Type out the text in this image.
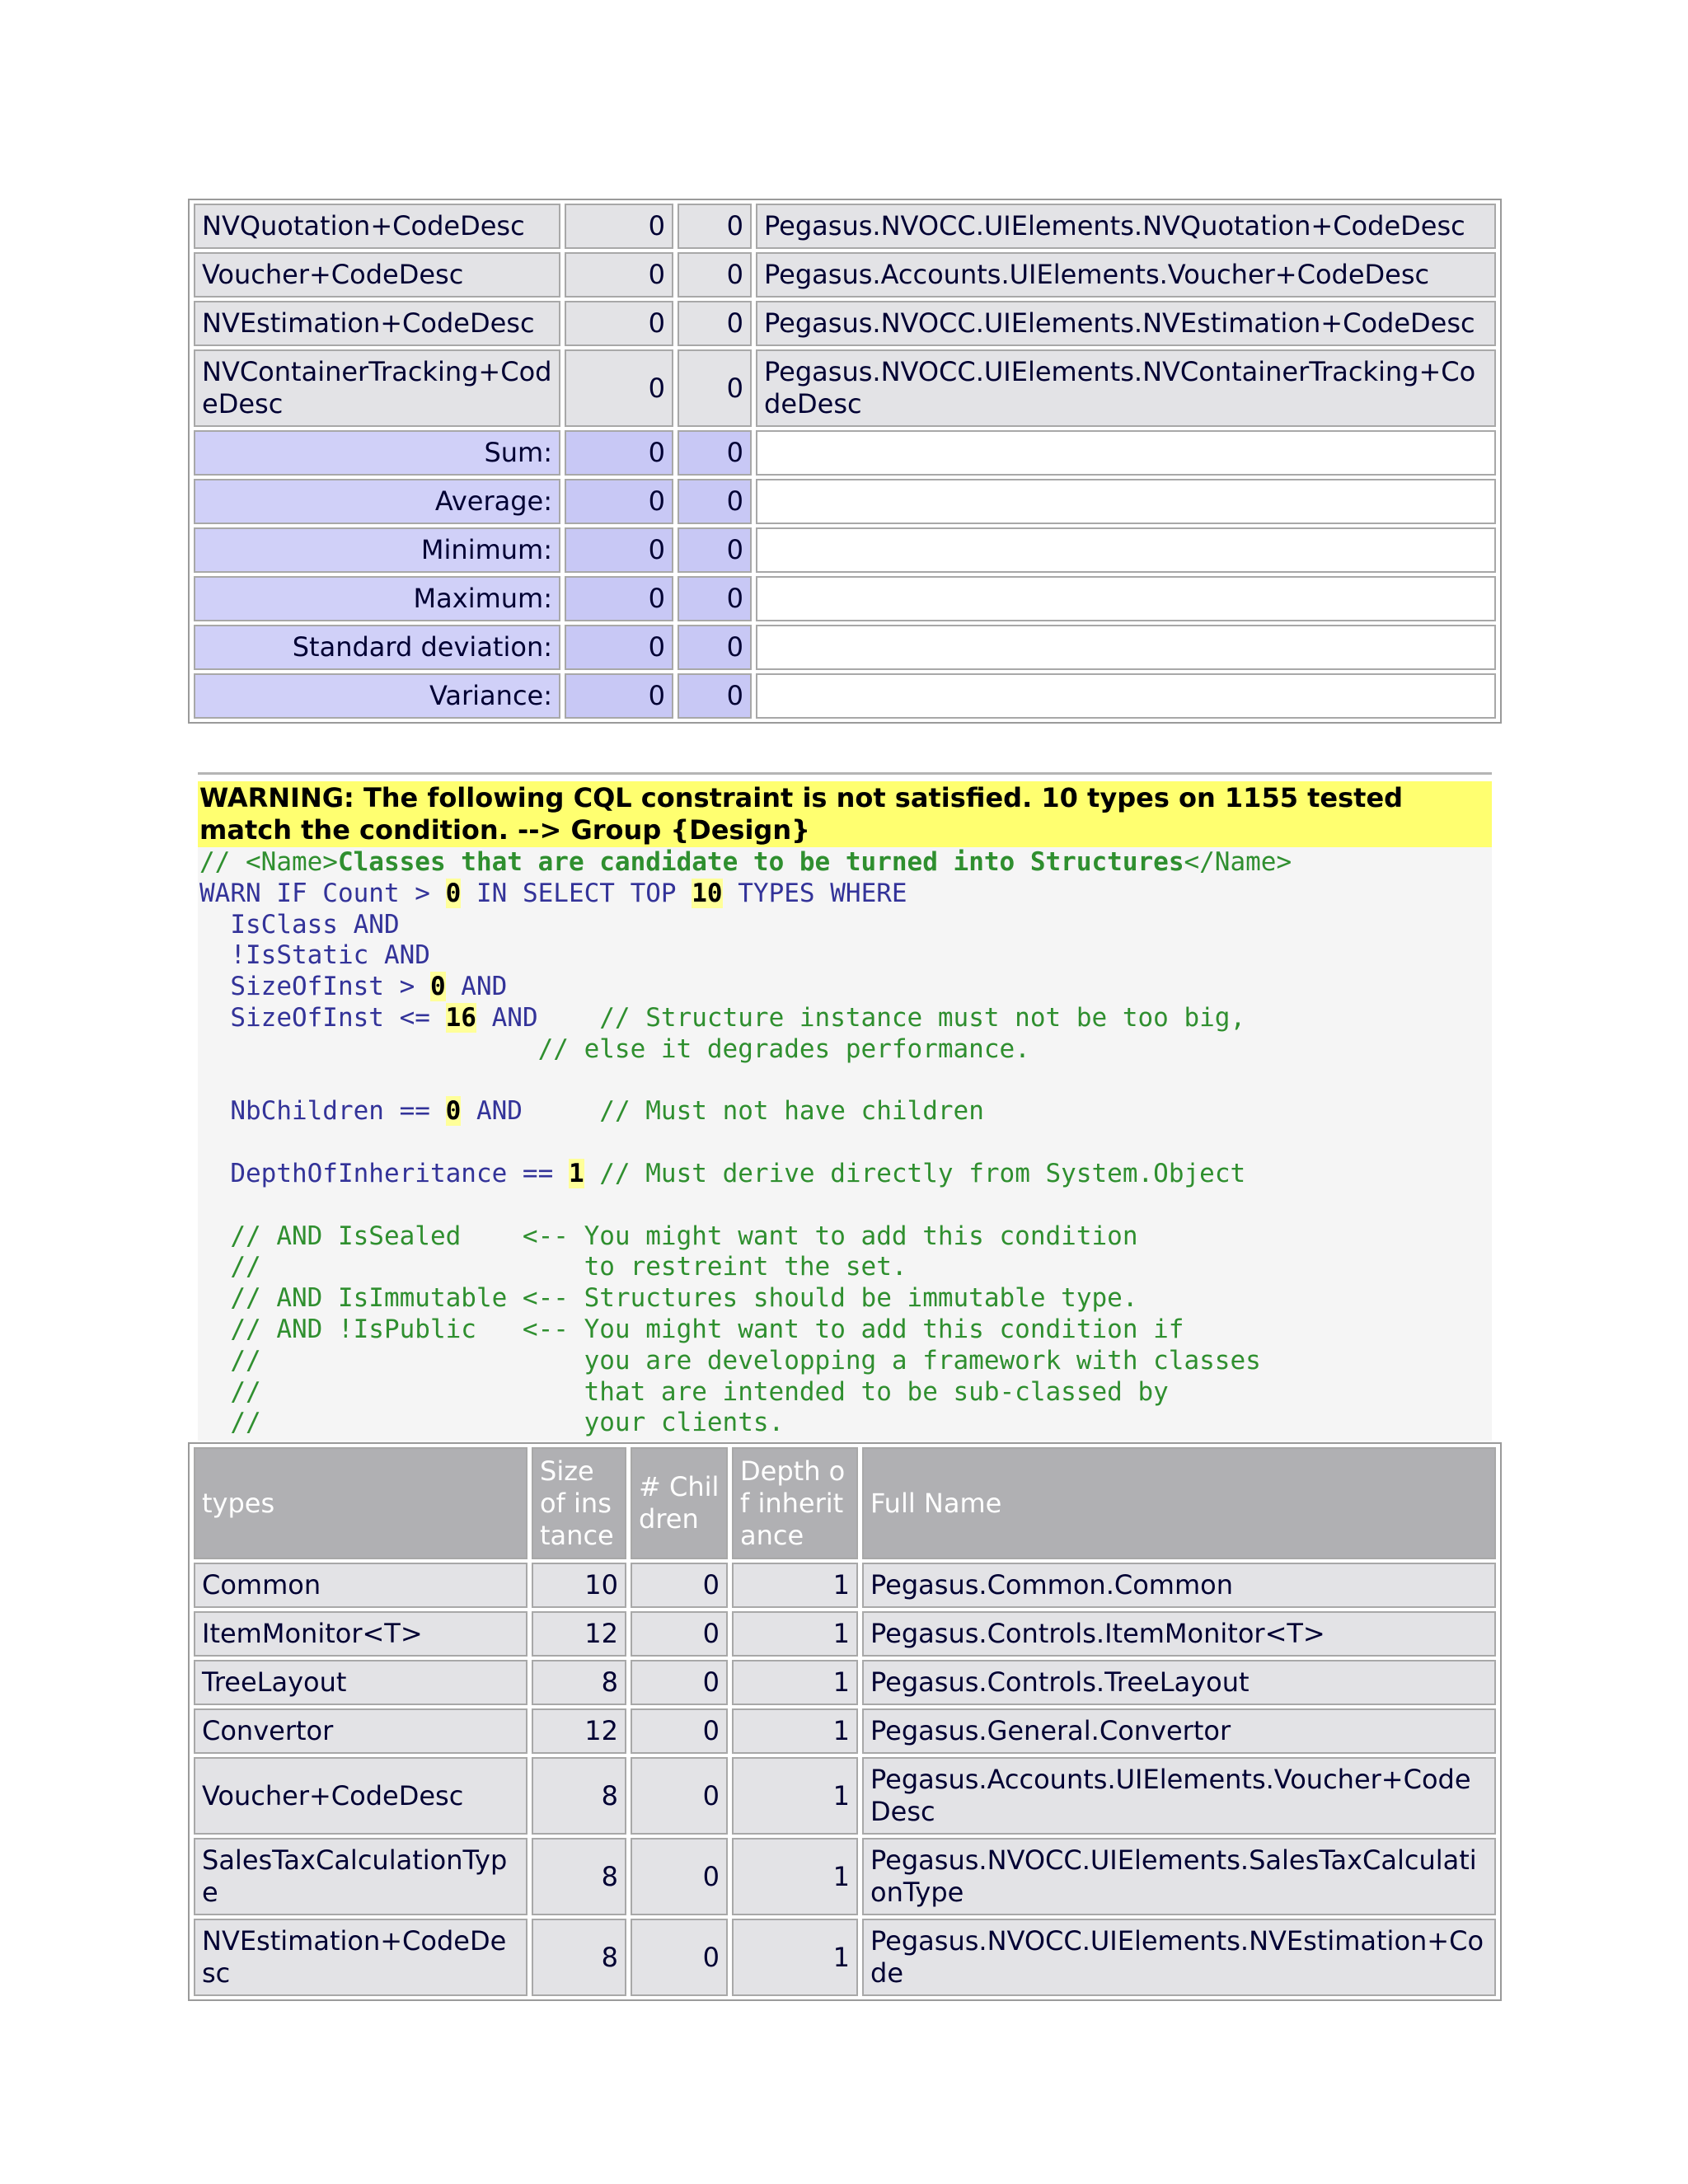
NVQuotation+CodeDesc	0	0	Pegasus.NVOCC.UIElements.NVQuotation+CodeDesc
Voucher+CodeDesc	0	0	Pegasus.Accounts.UIElements.Voucher+CodeDesc
NVEstimation+CodeDesc	0	0	Pegasus.NVOCC.UIElements.NVEstimation+CodeDesc
NVContainerTracking+CodeDesc	0	0	Pegasus.NVOCC.UIElements.NVContainerTracking+CodeDesc
Sum:	0	0	
Average:	0	0	
Minimum:	0	0	
Maximum:	0	0	
Standard deviation:	0	0	
Variance:	0	0	
WARNING: The following CQL constraint is not satisfied. 10 types on 1155 tested  match the condition. --> Group {Design}
// <Name>Classes that are candidate to be turned into Structures</Name>
WARN IF Count > 0 IN SELECT TOP 10 TYPES WHERE
IsClass AND
!IsStatic AND
SizeOfInst > 0 AND
SizeOfInst <= 16 AND    // Structure instance must not be too big,
// else it degrades performance.

NbChildren == 0 AND     // Must not have children

DepthOfInheritance == 1 // Must derive directly from System.Object

// AND IsSealed    <-- You might want to add this condition
//                     to restreint the set.
// AND IsImmutable <-- Structures should be immutable type.
// AND !IsPublic   <-- You might want to add this condition if
//                     you are developping a framework with classes
//                     that are intended to be sub-classed by
//                     your clients.
types	Size of instance	# Children	Depth of inheritance	Full Name
Common	10	0	1	Pegasus.Common.Common
ItemMonitor<T>	12	0	1	Pegasus.Controls.ItemMonitor<T>
TreeLayout	8	0	1	Pegasus.Controls.TreeLayout
Convertor	12	0	1	Pegasus.General.Convertor
Voucher+CodeDesc	8	0	1	Pegasus.Accounts.UIElements.Voucher+CodeDesc
SalesTaxCalculationType	8	0	1	Pegasus.NVOCC.UIElements.SalesTaxCalculationType
NVEstimation+CodeDesc	8	0	1	Pegasus.NVOCC.UIElements.NVEstimation+Code
